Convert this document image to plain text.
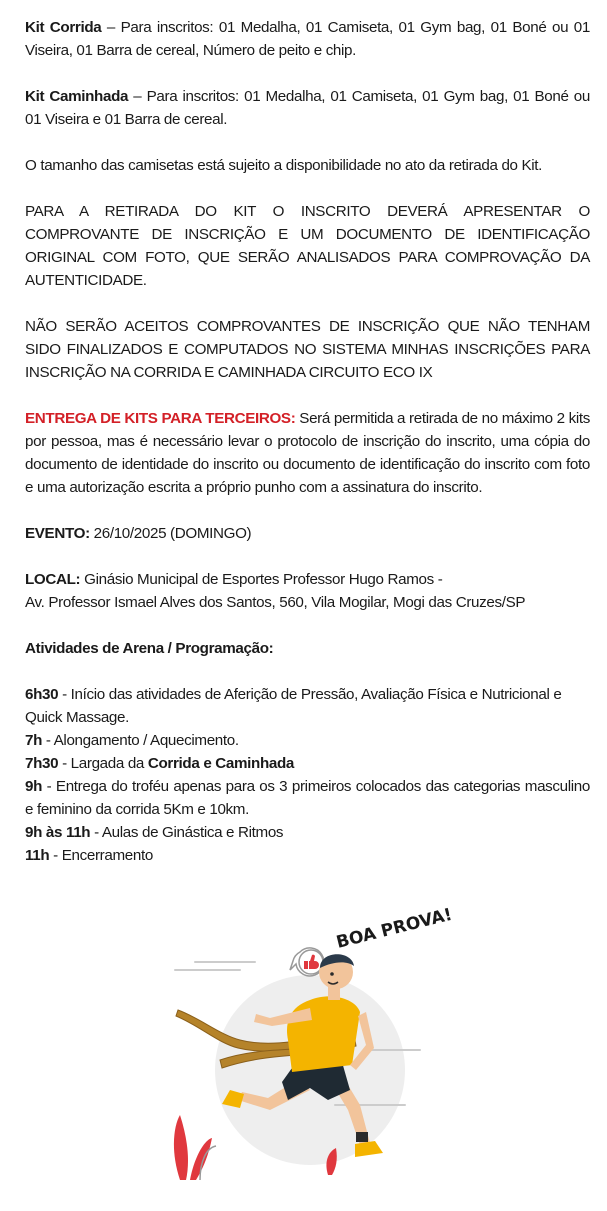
Kit Corrida – Para inscritos: 01 Medalha, 01 Camiseta, 01 Gym bag, 01 Boné ou 01 Viseira, 01 Barra de cereal, Número de peito e chip.

Kit Caminhada – Para inscritos: 01 Medalha, 01 Camiseta, 01 Gym bag, 01 Boné ou 01 Viseira e 01 Barra de cereal.

O tamanho das camisetas está sujeito a disponibilidade no ato da retirada do Kit.

PARA A RETIRADA DO KIT O INSCRITO DEVERÁ APRESENTAR O COMPROVANTE DE INSCRIÇÃO E UM DOCUMENTO DE IDENTIFICAÇÃO ORIGINAL COM FOTO, QUE SERÃO ANALISADOS PARA COMPROVAÇÃO DA AUTENTICIDADE.

NÃO SERÃO ACEITOS COMPROVANTES DE INSCRIÇÃO QUE NÃO TENHAM SIDO FINALIZADOS E COMPUTADOS NO SISTEMA MINHAS INSCRIÇÕES PARA INSCRIÇÃO NA CORRIDA E CAMINHADA CIRCUITO ECO IX

ENTREGA DE KITS PARA TERCEIROS: Será permitida a retirada de no máximo 2 kits por pessoa, mas é necessário levar o protocolo de inscrição do inscrito, uma cópia do documento de identidade do inscrito ou documento de identificação do inscrito com foto e uma autorização escrita a próprio punho com a assinatura do inscrito.

EVENTO: 26/10/2025 (DOMINGO)

LOCAL: Ginásio Municipal de Esportes Professor Hugo Ramos -

Av. Professor Ismael Alves dos Santos, 560, Vila Mogilar, Mogi das Cruzes/SP

Atividades de Arena / Programação:

6h30 - Início das atividades de Aferição de Pressão, Avaliação Física e Nutricional e Quick Massage.

7h - Alongamento / Aquecimento.

7h30 - Largada da Corrida e Caminhada

9h - Entrega do troféu apenas para os 3 primeiros colocados das categorias masculino e feminino da corrida 5Km e 10km.

9h às 11h - Aulas de Ginástica e Ritmos

11h - Encerramento

BOA PROVA!
